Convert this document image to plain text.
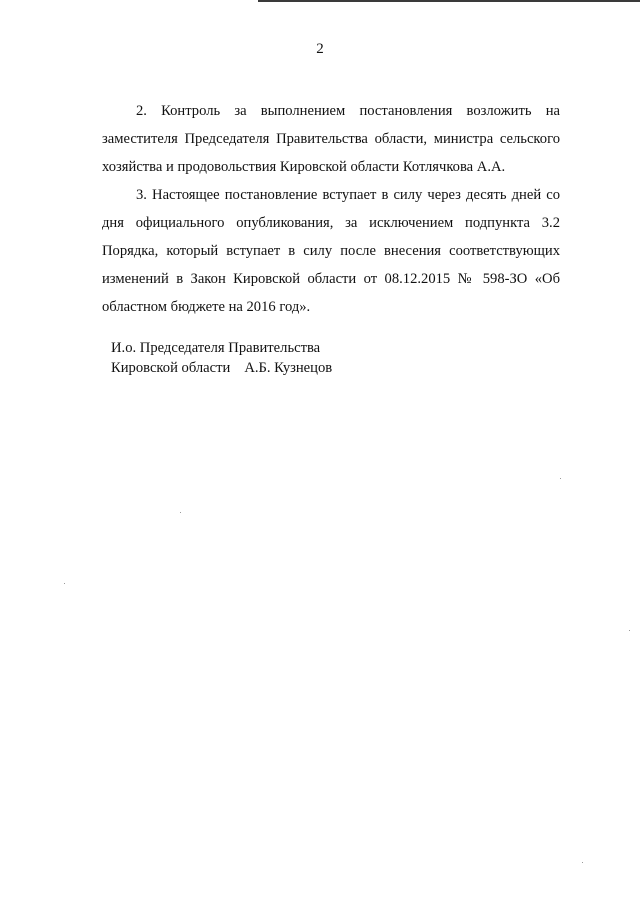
2

2. Контроль за выполнением постановления возложить на заместителя Председателя Правительства области, министра сельского хозяйства и продовольствия Кировской области Котлячкова А.А.

3. Настоящее постановление вступает в силу через десять дней со дня официального опубликования, за исключением подпункта 3.2 Порядка, который вступает в силу после внесения соответствующих изменений в Закон Кировской области от 08.12.2015 № 598-ЗО «Об областном бюджете на 2016 год».

И.о. Председателя Правительства

Кировской области А.Б. Кузнецов
